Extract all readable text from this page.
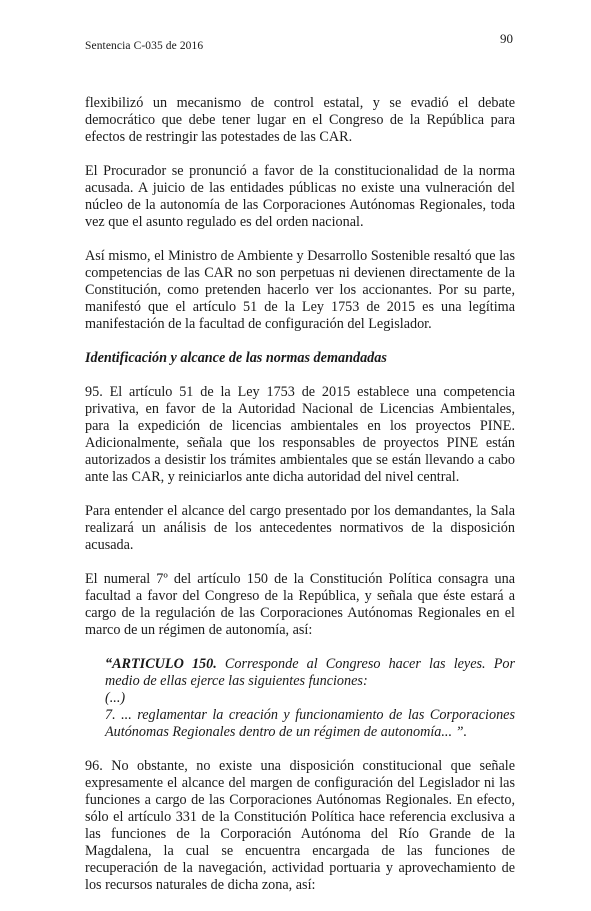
Sentencia C-035 de 2016	90

flexibilizó un mecanismo de control estatal, y se evadió el debate democrático que debe tener lugar en el Congreso de la República para efectos de restringir las potestades de las CAR.

El Procurador se pronunció a favor de la constitucionalidad de la norma acusada. A juicio de las entidades públicas no existe una vulneración del núcleo de la autonomía de las Corporaciones Autónomas Regionales, toda vez que el asunto regulado es del orden nacional.

Así mismo, el Ministro de Ambiente y Desarrollo Sostenible resaltó que las competencias de las CAR no son perpetuas ni devienen directamente de la Constitución, como pretenden hacerlo ver los accionantes. Por su parte, manifestó que el artículo 51 de la Ley 1753 de 2015 es una legítima manifestación de la facultad de configuración del Legislador.

Identificación y alcance de las normas demandadas

95. El artículo 51 de la Ley 1753 de 2015 establece una competencia privativa, en favor de la Autoridad Nacional de Licencias Ambientales, para la expedición de licencias ambientales en los proyectos PINE. Adicionalmente, señala que los responsables de proyectos PINE están autorizados a desistir los trámites ambientales que se están llevando a cabo ante las CAR, y reiniciarlos ante dicha autoridad del nivel central.

Para entender el alcance del cargo presentado por los demandantes, la Sala realizará un análisis de los antecedentes normativos de la disposición acusada.

El numeral 7º del artículo 150 de la Constitución Política consagra una facultad a favor del Congreso de la República, y señala que éste estará a cargo de la regulación de las Corporaciones Autónomas Regionales en el marco de un régimen de autonomía, así:

“ARTICULO 150. Corresponde al Congreso hacer las leyes. Por medio de ellas ejerce las siguientes funciones:
(...)
7. ... reglamentar la creación y funcionamiento de las Corporaciones Autónomas Regionales dentro de un régimen de autonomía... ”.

96. No obstante, no existe una disposición constitucional que señale expresamente el alcance del margen de configuración del Legislador ni las funciones a cargo de las Corporaciones Autónomas Regionales. En efecto, sólo el artículo 331 de la Constitución Política hace referencia exclusiva a las funciones de la Corporación Autónoma del Río Grande de la Magdalena, la cual se encuentra encargada de las funciones de recuperación de la navegación, actividad portuaria y aprovechamiento de los recursos naturales de dicha zona, así:
